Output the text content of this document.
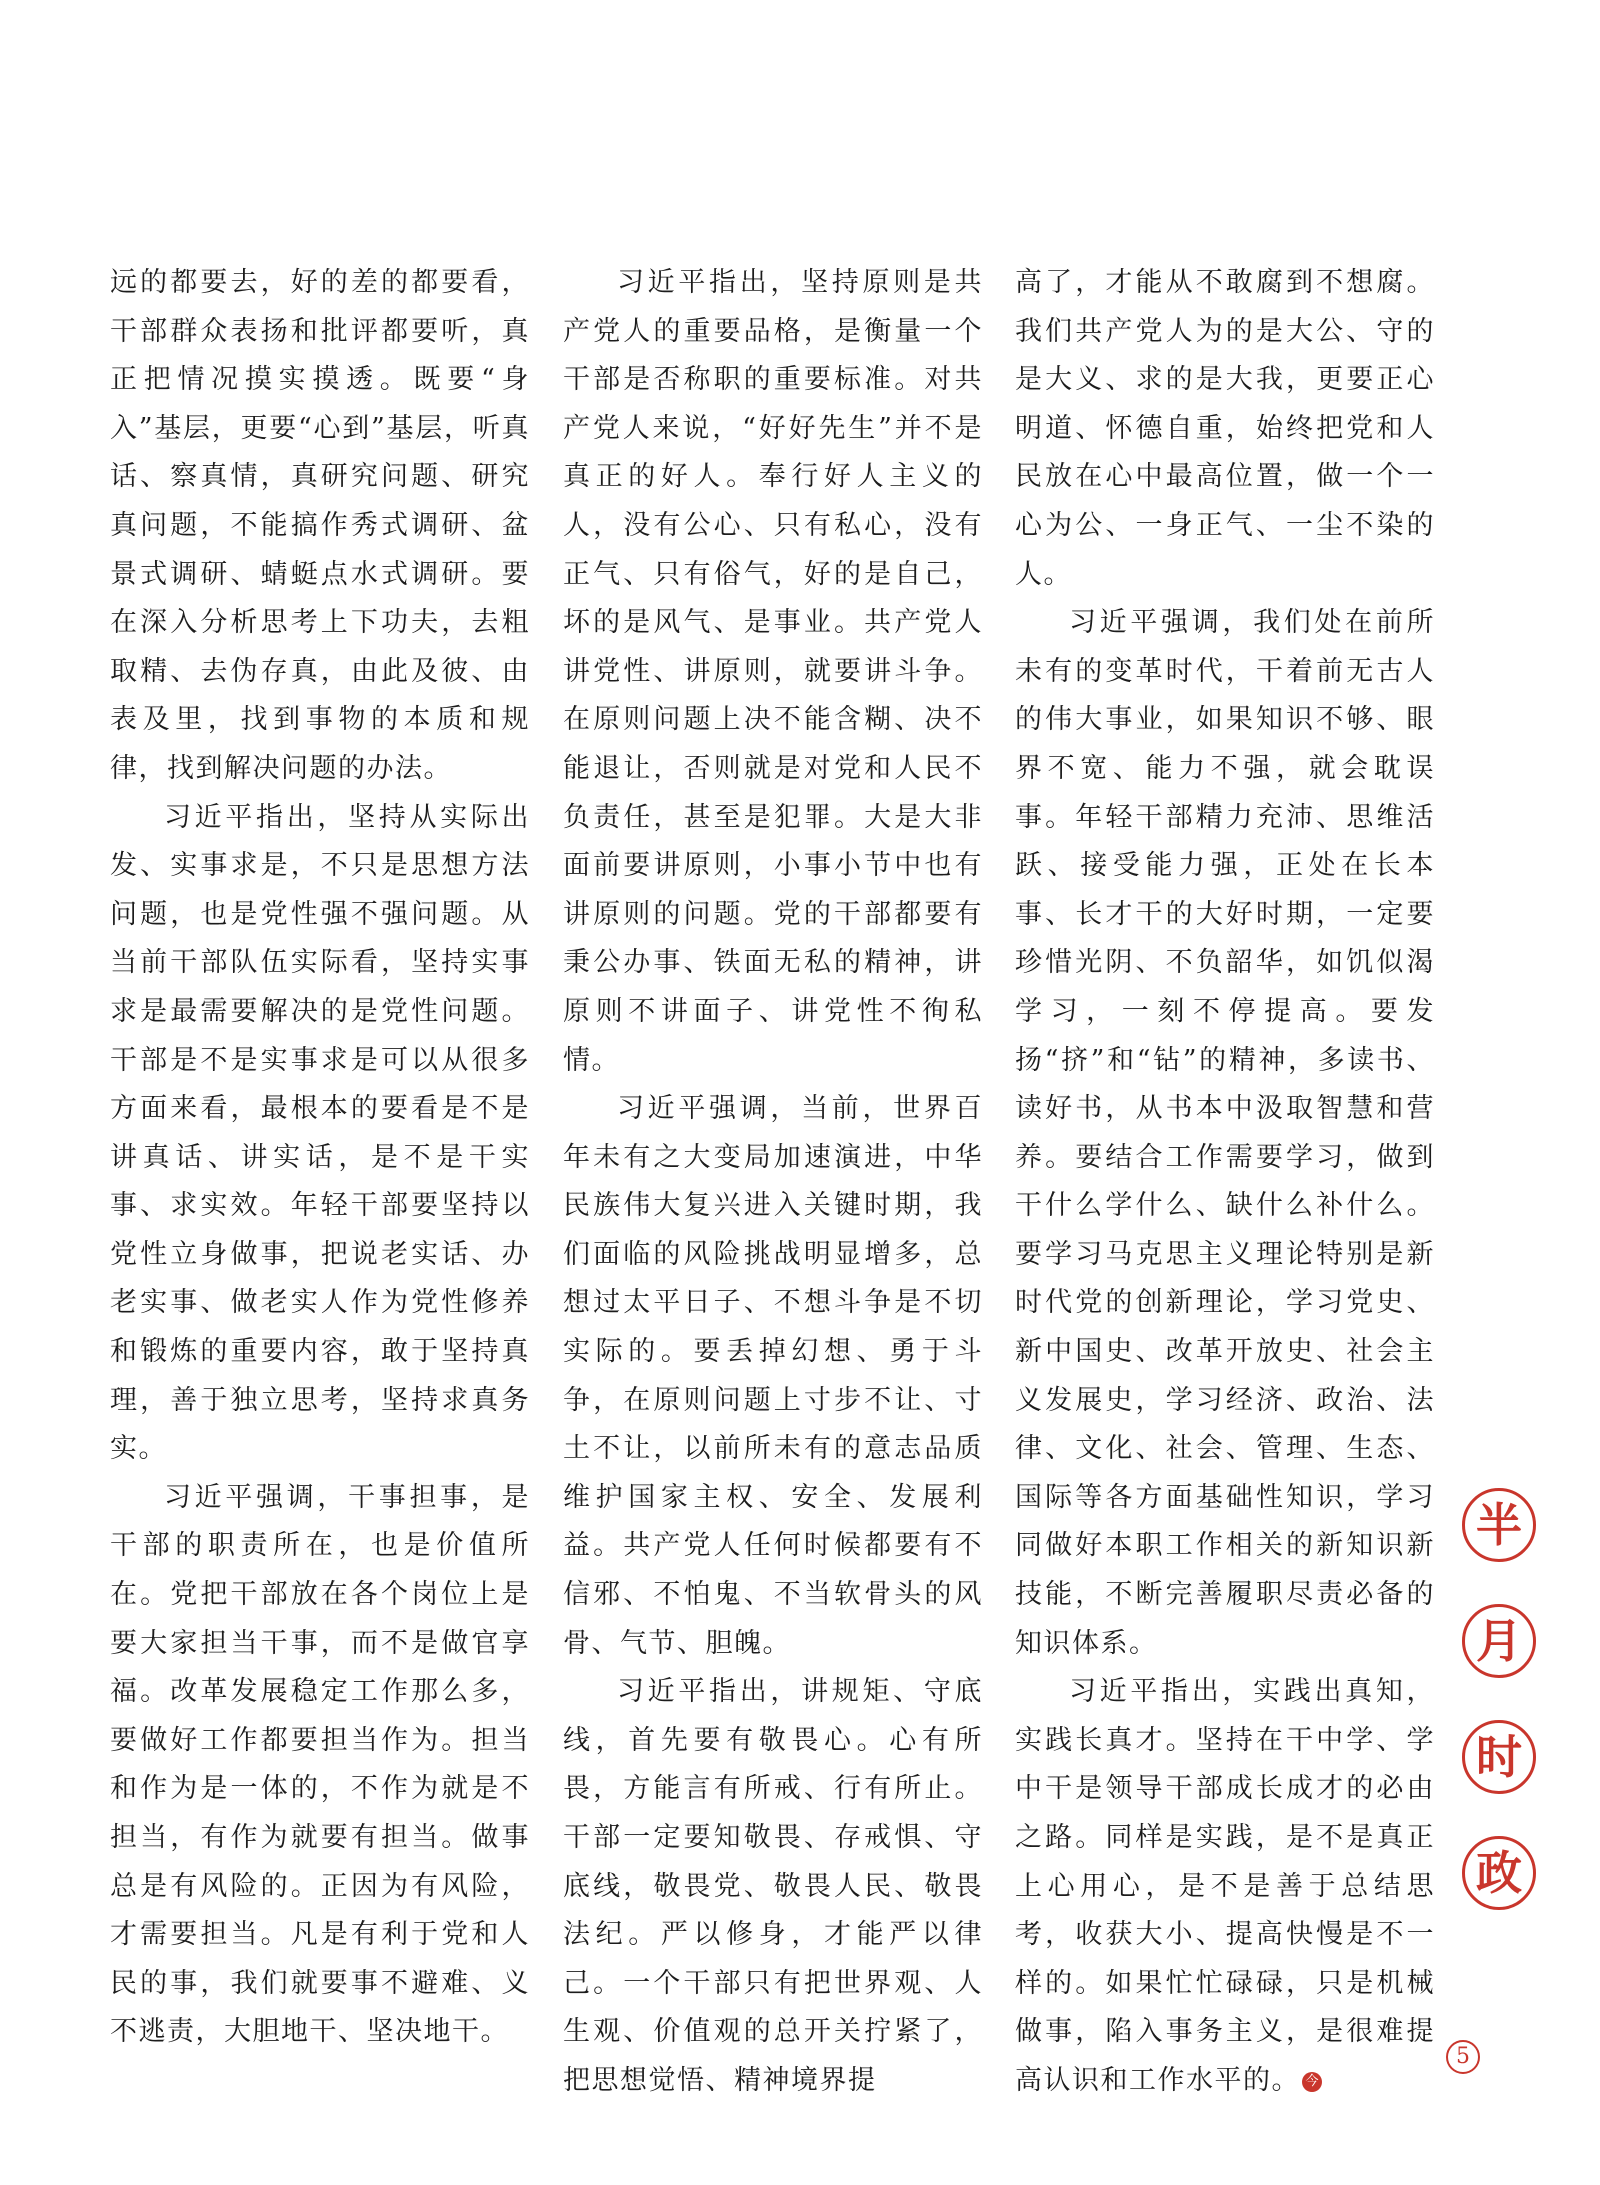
远的都要去，好的差的都要看，干部群众表扬和批评都要听，真正把情况摸实摸透。既要“身入”基层，更要“心到”基层，听真话、察真情，真研究问题、研究真问题，不能搞作秀式调研、盆景式调研、蜻蜓点水式调研。要在深入分析思考上下功夫，去粗取精、去伪存真，由此及彼、由表及里，找到事物的本质和规律，找到解决问题的办法。

习近平指出，坚持从实际出发、实事求是，不只是思想方法问题，也是党性强不强问题。从当前干部队伍实际看，坚持实事求是最需要解决的是党性问题。干部是不是实事求是可以从很多方面来看，最根本的要看是不是讲真话、讲实话，是不是干实事、求实效。年轻干部要坚持以党性立身做事，把说老实话、办老实事、做老实人作为党性修养和锻炼的重要内容，敢于坚持真理，善于独立思考，坚持求真务实。

习近平强调，干事担事，是干部的职责所在，也是价值所在。党把干部放在各个岗位上是要大家担当干事，而不是做官享福。改革发展稳定工作那么多，要做好工作都要担当作为。担当和作为是一体的，不作为就是不担当，有作为就要有担当。做事总是有风险的。正因为有风险，才需要担当。凡是有利于党和人民的事，我们就要事不避难、义不逃责，大胆地干、坚决地干。

习近平指出，坚持原则是共产党人的重要品格，是衡量一个干部是否称职的重要标准。对共产党人来说，“好好先生”并不是真正的好人。奉行好人主义的人，没有公心、只有私心，没有正气、只有俗气，好的是自己，坏的是风气、是事业。共产党人讲党性、讲原则，就要讲斗争。在原则问题上决不能含糊、决不能退让，否则就是对党和人民不负责任，甚至是犯罪。大是大非面前要讲原则，小事小节中也有讲原则的问题。党的干部都要有秉公办事、铁面无私的精神，讲原则不讲面子、讲党性不徇私情。

习近平强调，当前，世界百年未有之大变局加速演进，中华民族伟大复兴进入关键时期，我们面临的风险挑战明显增多，总想过太平日子、不想斗争是不切实际的。要丢掉幻想、勇于斗争，在原则问题上寸步不让、寸土不让，以前所未有的意志品质维护国家主权、安全、发展利益。共产党人任何时候都要有不信邪、不怕鬼、不当软骨头的风骨、气节、胆魄。

习近平指出，讲规矩、守底线，首先要有敬畏心。心有所畏，方能言有所戒、行有所止。干部一定要知敬畏、存戒惧、守底线，敬畏党、敬畏人民、敬畏法纪。严以修身，才能严以律己。一个干部只有把世界观、人生观、价值观的总开关拧紧了，把思想觉悟、精神境界提

高了，才能从不敢腐到不想腐。我们共产党人为的是大公、守的是大义、求的是大我，更要正心明道、怀德自重，始终把党和人民放在心中最高位置，做一个一心为公、一身正气、一尘不染的人。

习近平强调，我们处在前所未有的变革时代，干着前无古人的伟大事业，如果知识不够、眼界不宽、能力不强，就会耽误事。年轻干部精力充沛、思维活跃、接受能力强，正处在长本事、长才干的大好时期，一定要珍惜光阴、不负韶华，如饥似渴学习，一刻不停提高。要发扬“挤”和“钻”的精神，多读书、读好书，从书本中汲取智慧和营养。要结合工作需要学习，做到干什么学什么、缺什么补什么。要学习马克思主义理论特别是新时代党的创新理论，学习党史、新中国史、改革开放史、社会主义发展史，学习经济、政治、法律、文化、社会、管理、生态、国际等各方面基础性知识，学习同做好本职工作相关的新知识新技能，不断完善履职尽责必备的知识体系。

习近平指出，实践出真知，实践长真才。坚持在干中学、学中干是领导干部成长成才的必由之路。同样是实践，是不是真正上心用心，是不是善于总结思考，收获大小、提高快慢是不一样的。如果忙忙碌碌，只是机械做事，陷入事务主义，是很难提高认识和工作水平的。 今

半
月
时
政
5
